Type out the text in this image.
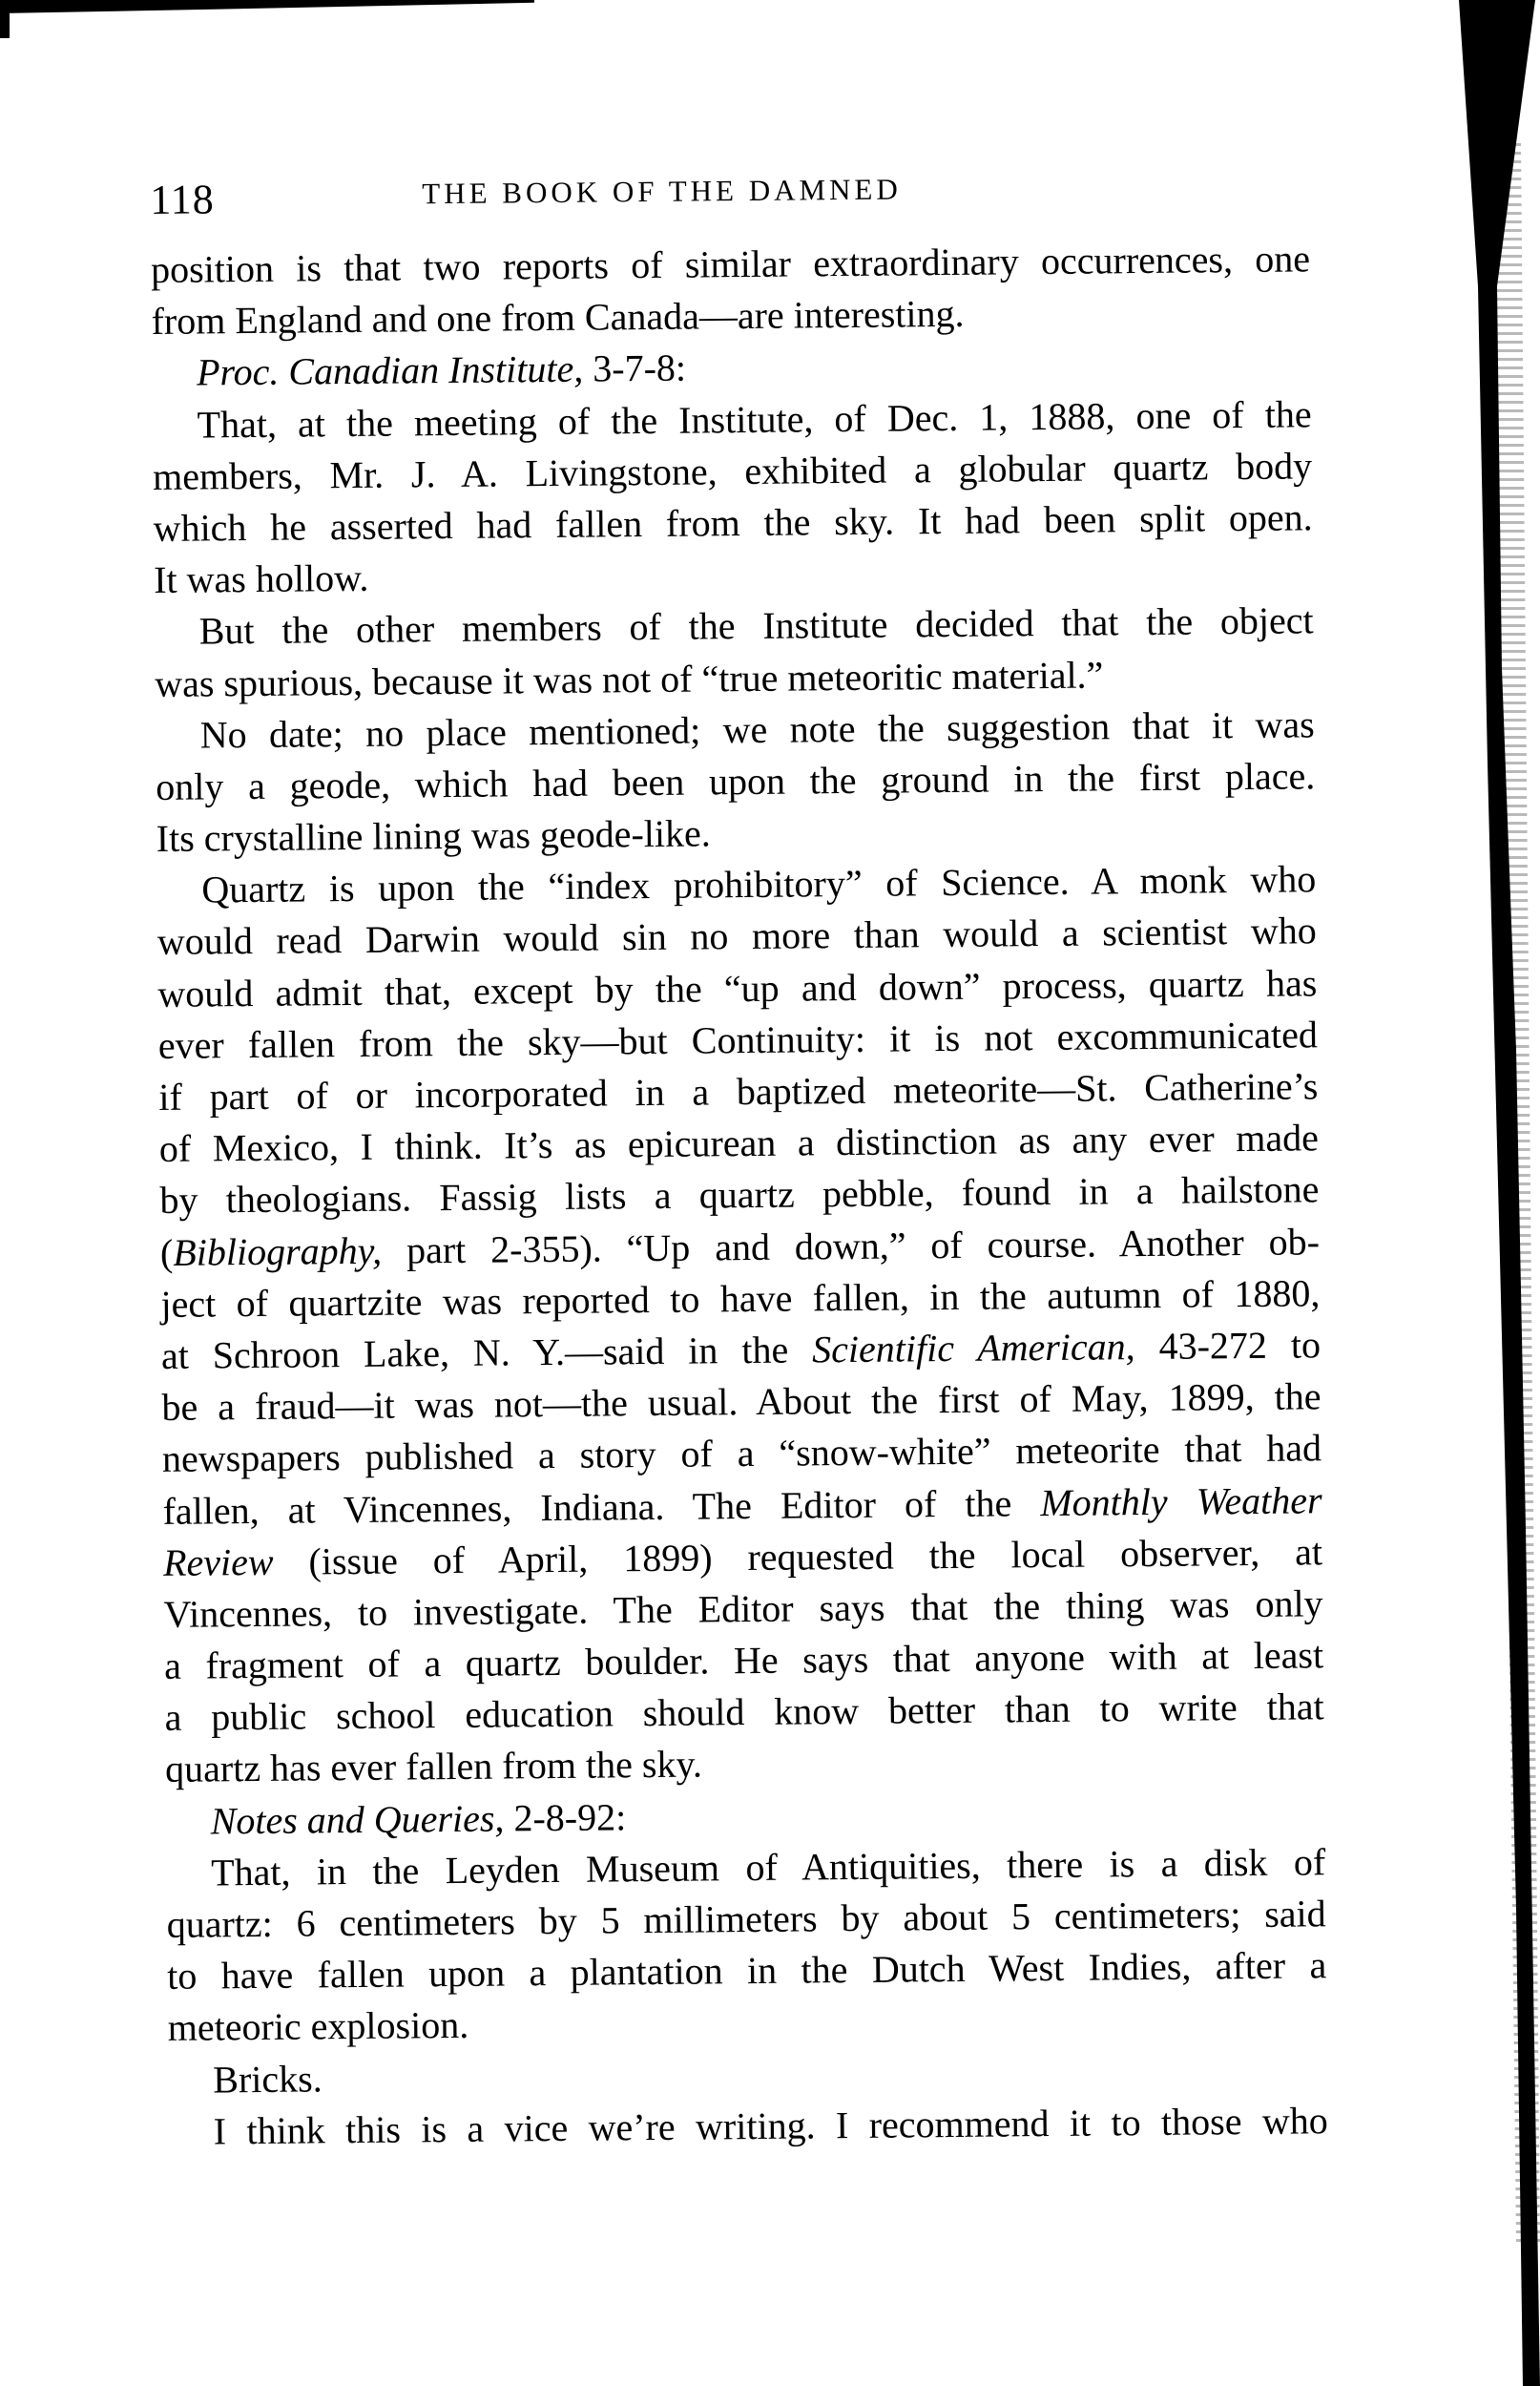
118	THE BOOK OF THE DAMNED
position is that two reports of similar extraordinary occurrences, one
from England and one from Canada—are interesting.
Proc. Canadian Institute, 3-7-8:
That, at the meeting of the Institute, of Dec. 1, 1888, one of the
members, Mr. J. A. Livingstone, exhibited a globular quartz body
which he asserted had fallen from the sky. It had been split open.
It was hollow.
But the other members of the Institute decided that the object
was spurious, because it was not of “true meteoritic material.”
No date; no place mentioned; we note the suggestion that it was
only a geode, which had been upon the ground in the first place.
Its crystalline lining was geode-like.
Quartz is upon the “index prohibitory” of Science. A monk who
would read Darwin would sin no more than would a scientist who
would admit that, except by the “up and down” process, quartz has
ever fallen from the sky—but Continuity: it is not excommunicated
if part of or incorporated in a baptized meteorite—St. Catherine’s
of Mexico, I think. It’s as epicurean a distinction as any ever made
by theologians. Fassig lists a quartz pebble, found in a hailstone
(Bibliography, part 2-355). “Up and down,” of course. Another ob-
ject of quartzite was reported to have fallen, in the autumn of 1880,
at Schroon Lake, N. Y.—said in the Scientific American, 43-272 to
be a fraud—it was not—the usual. About the first of May, 1899, the
newspapers published a story of a “snow-white” meteorite that had
fallen, at Vincennes, Indiana. The Editor of the Monthly Weather
Review (issue of April, 1899) requested the local observer, at
Vincennes, to investigate. The Editor says that the thing was only
a fragment of a quartz boulder. He says that anyone with at least
a public school education should know better than to write that
quartz has ever fallen from the sky.
Notes and Queries, 2-8-92:
That, in the Leyden Museum of Antiquities, there is a disk of
quartz: 6 centimeters by 5 millimeters by about 5 centimeters; said
to have fallen upon a plantation in the Dutch West Indies, after a
meteoric explosion.
Bricks.
I think this is a vice we’re writing. I recommend it to those who
